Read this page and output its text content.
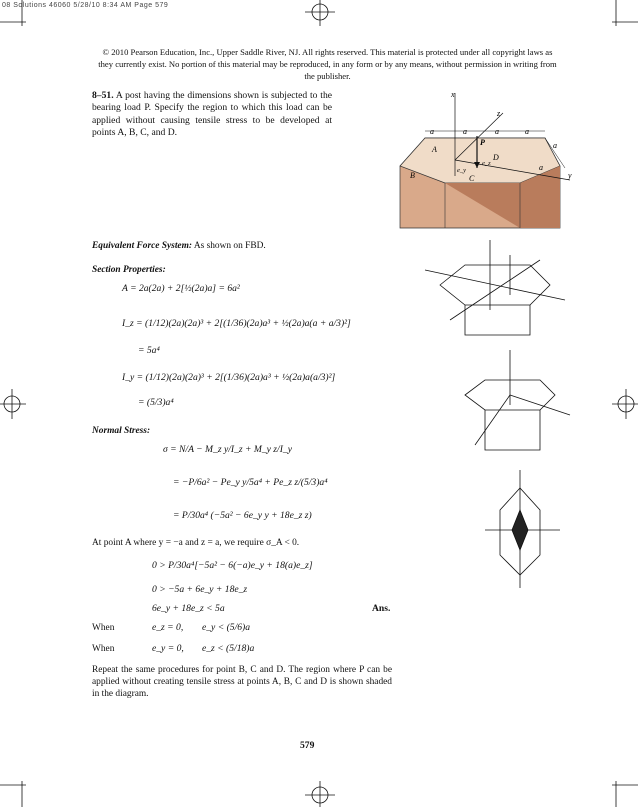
08 Solutions 46060 5/28/10 8:34 AM Page 579
© 2010 Pearson Education, Inc., Upper Saddle River, NJ. All rights reserved. This material is protected under all copyright laws as they currently exist. No portion of this material may be reproduced, in any form or by any means, without permission in writing from the publisher.
8–51. A post having the dimensions shown is subjected to the bearing load P. Specify the region to which this load can be applied without causing tensile stress to be developed at points A, B, C, and D.
x
z
a	a	a	a
a
a
P
A
D
B	C	y
e_z
e_y
Equivalent Force System: As shown on FBD.
Section Properties:
A = 2a(2a) + 2[½(2a)a] = 6a²
I_z = (1/12)(2a)(2a)³ + 2[(1/36)(2a)a³ + ½(2a)a(a + a/3)²]
= 5a⁴
I_y = (1/12)(2a)(2a)³ + 2[(1/36)(2a)a³ + ½(2a)a(a/3)²]
= (5/3)a⁴
Normal Stress:
σ = N/A − M_z y/I_z + M_y z/I_y
= −P/6a² − Pe_y y/5a⁴ + Pe_z z/(5/3)a⁴
= P/30a⁴ (−5a² − 6e_y y + 18e_z z)
At point A where y = −a and z = a, we require σ_A < 0.
0 > P/30a⁴[−5a² − 6(−a)e_y + 18(a)e_z]
0 > −5a + 6e_y + 18e_z
6e_y + 18e_z < 5a	Ans.
When	e_z = 0, e_y < (5/6)a
When	e_y = 0, e_z < (5/18)a
Repeat the same procedures for point B, C and D. The region where P can be applied without creating tensile stress at points A, B, C and D is shown shaded in the diagram.
579
